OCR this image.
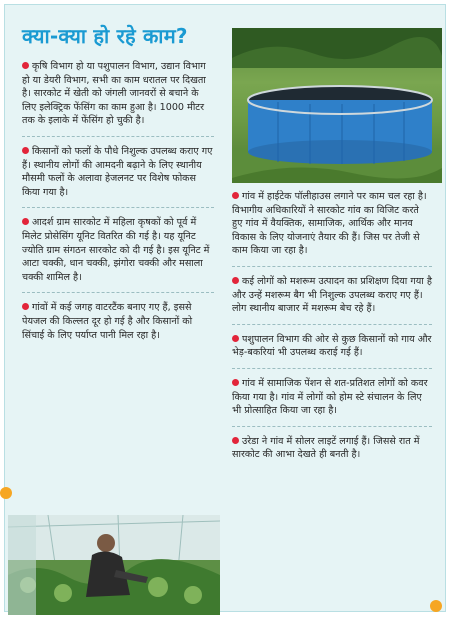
क्या-क्या हो रहे काम?

कृषि विभाग हो या पशुपालन विभाग, उद्यान विभाग हो या डेयरी विभाग, सभी का काम धरातल पर दिखता है। सारकोट में खेती को जंगली जानवरों से बचाने के लिए इलेक्ट्रिक फेंसिंग का काम हुआ है। 1000 मीटर तक के इलाके में फेंसिंग हो चुकी है।

किसानों को फलों के पौधे निशुल्क उपलब्ध कराए गए हैं। स्थानीय लोगों की आमदनी बढ़ाने के लिए स्थानीय मौसमी फलों के अलावा हेजलनट पर विशेष फोकस किया गया है।

आदर्श ग्राम सारकोट में महिला कृषकों को पूर्व में मिलेट प्रोसेसिंग यूनिट वितरित की गई है। यह यूनिट ज्योति ग्राम संगठन सारकोट को दी गई है। इस यूनिट में आटा चक्की, धान चक्की, झंगोरा चक्की और मसाला चक्की शामिल है।

गांवों में कई जगह वाटरटैंक बनाए गए हैं, इससे पेयजल की किल्लत दूर हो गई है और किसानों को सिंचाई के लिए पर्याप्त पानी मिल रहा है।

गांव में हाईटेक पॉलीहाउस लगाने पर काम चल रहा है। विभागीय अधिकारियों ने सारकोट गांव का विजिट करते हुए गांव में वैयक्तिक, सामाजिक, आर्थिक और मानव विकास के लिए योजनाएं तैयार की हैं। जिस पर तेजी से काम किया जा रहा है।

कई लोगों को मशरूम उत्पादन का प्रशिक्षण दिया गया है और उन्हें मशरूम बैग भी निशुल्क उपलब्ध कराए गए हैं। लोग स्थानीय बाजार में मशरूम बेच रहे हैं।

पशुपालन विभाग की ओर से कुछ किसानों को गाय और भेड़-बकरियां भी उपलब्ध कराई गई हैं।

गांव में सामाजिक पेंशन से शत-प्रतिशत लोगों को कवर किया गया है। गांव में लोगों को होम स्टे संचालन के लिए भी प्रोत्साहित किया जा रहा है।

उरेडा ने गांव में सोलर लाइटें लगाई हैं। जिससे रात में सारकोट की आभा देखते ही बनती है।
